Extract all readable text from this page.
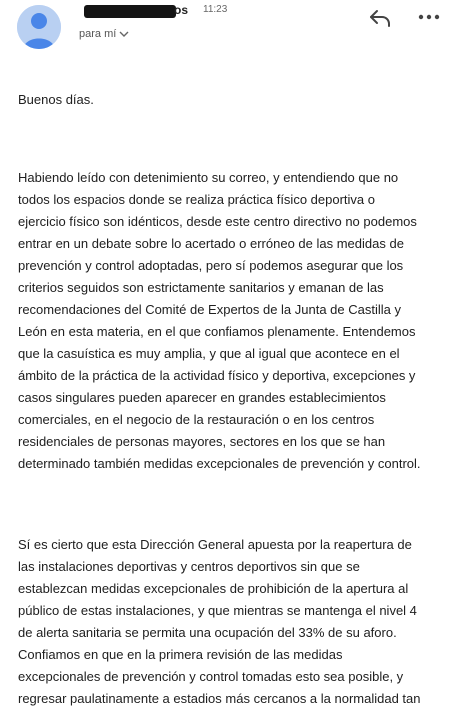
os 11:23
para mí
Buenos días.
Habiendo leído con detenimiento su correo, y entendiendo que no
todos los espacios donde se realiza práctica físico deportiva o
ejercicio físico son idénticos, desde este centro directivo no podemos
entrar en un debate sobre lo acertado o erróneo de las medidas de
prevención y control adoptadas, pero sí podemos asegurar que los
criterios seguidos son estrictamente sanitarios y emanan de las
recomendaciones del Comité de Expertos de la Junta de Castilla y
León en esta materia, en el que confiamos plenamente. Entendemos
que la casuística es muy amplia, y que al igual que acontece en el
ámbito de la práctica de la actividad físico y deportiva, excepciones y
casos singulares pueden aparecer en grandes establecimientos
comerciales, en el negocio de la restauración o en los centros
residenciales de personas mayores, sectores en los que se han
determinado también medidas excepcionales de prevención y control.
Sí es cierto que esta Dirección General apuesta por la reapertura de
las instalaciones deportivas y centros deportivos sin que se
establezcan medidas excepcionales de prohibición de la apertura al
público de estas instalaciones, y que mientras se mantenga el nivel 4
de alerta sanitaria se permita una ocupación del 33% de su aforo.
Confiamos en que en la primera revisión de las medidas
excepcionales de prevención y control tomadas esto sea posible, y
regresar paulatinamente a estadios más cercanos a la normalidad tan
